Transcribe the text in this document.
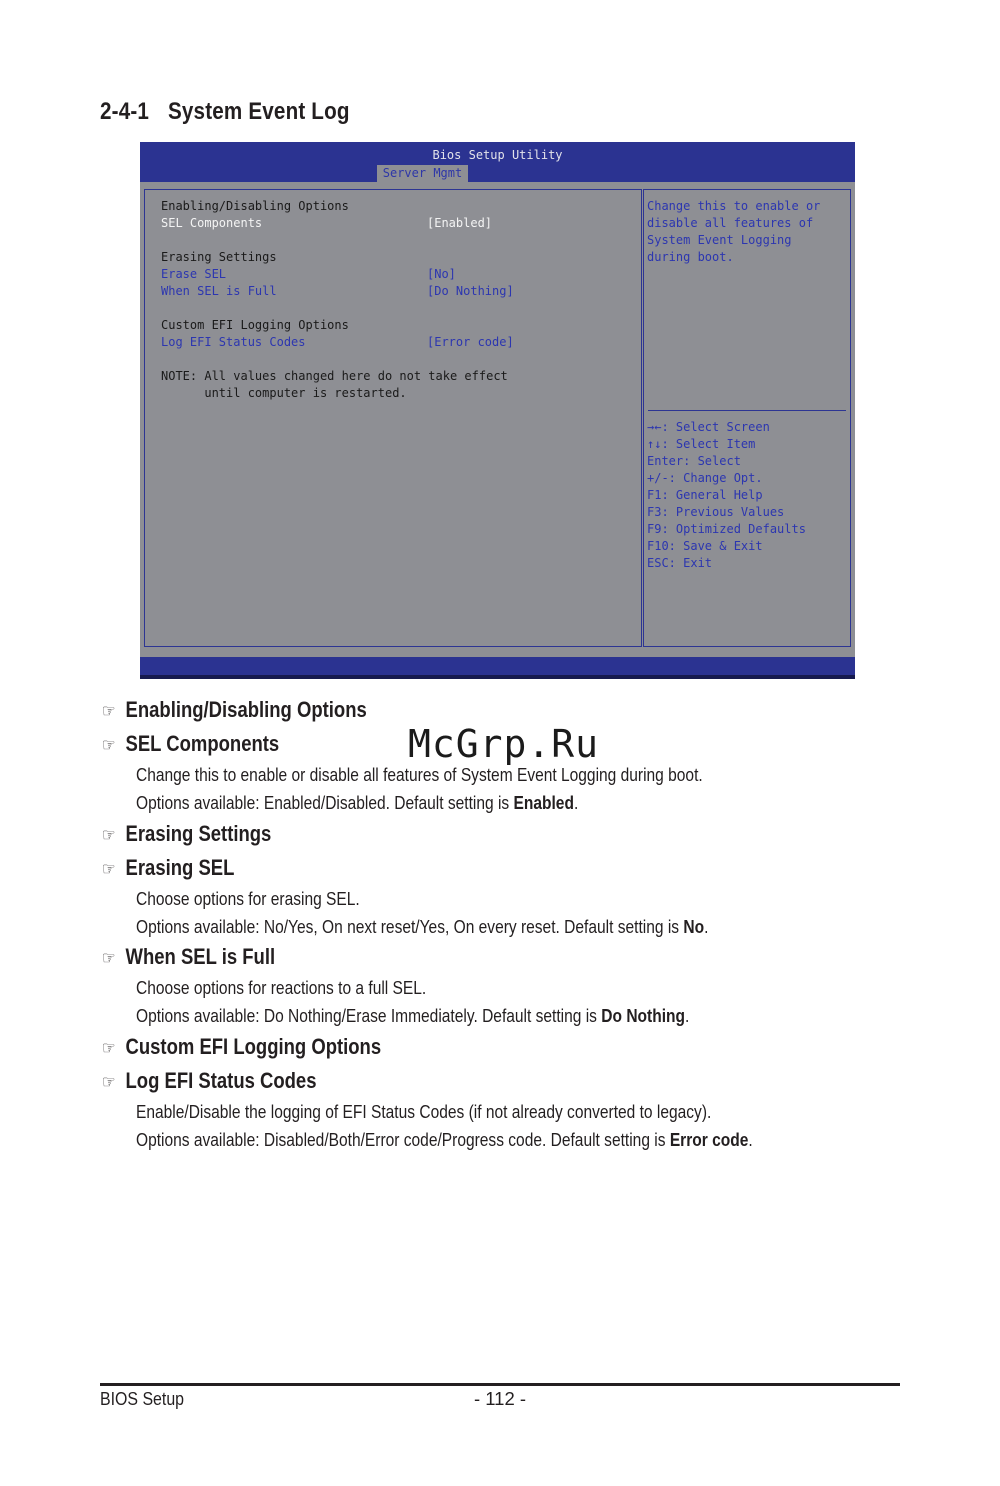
2-4-1 System Event Log
Bios Setup Utility
Server Mgmt
Enabling/Disabling Options
SEL Components	[Enabled]
Erasing Settings
Erase SEL	[No]
When SEL is Full	[Do Nothing]
Custom EFI Logging Options
Log EFI Status Codes	[Error code]
NOTE: All values changed here do not take effect
until computer is restarted.
Change this to enable or
disable all features of
System Event Logging
during boot.
→←: Select Screen
↑↓: Select Item
Enter: Select
+/-: Change Opt.
F1: General Help
F3: Previous Values
F9: Optimized Defaults
F10: Save & Exit
ESC: Exit
☞ Enabling/Disabling Options
☞ SEL Components
Change this to enable or disable all features of System Event Logging during boot.
Options available: Enabled/Disabled. Default setting is Enabled.
☞ Erasing Settings
☞ Erasing SEL
Choose options for erasing SEL.
Options available: No/Yes, On next reset/Yes, On every reset. Default setting is No.
☞ When SEL is Full
Choose options for reactions to a full SEL.
Options available: Do Nothing/Erase Immediately. Default setting is Do Nothing.
☞ Custom EFI Logging Options
☞ Log EFI Status Codes
Enable/Disable the logging of EFI Status Codes (if not already converted to legacy).
Options available: Disabled/Both/Error code/Progress code. Default setting is Error code.
McGrp.Ru
BIOS Setup	- 112 -
